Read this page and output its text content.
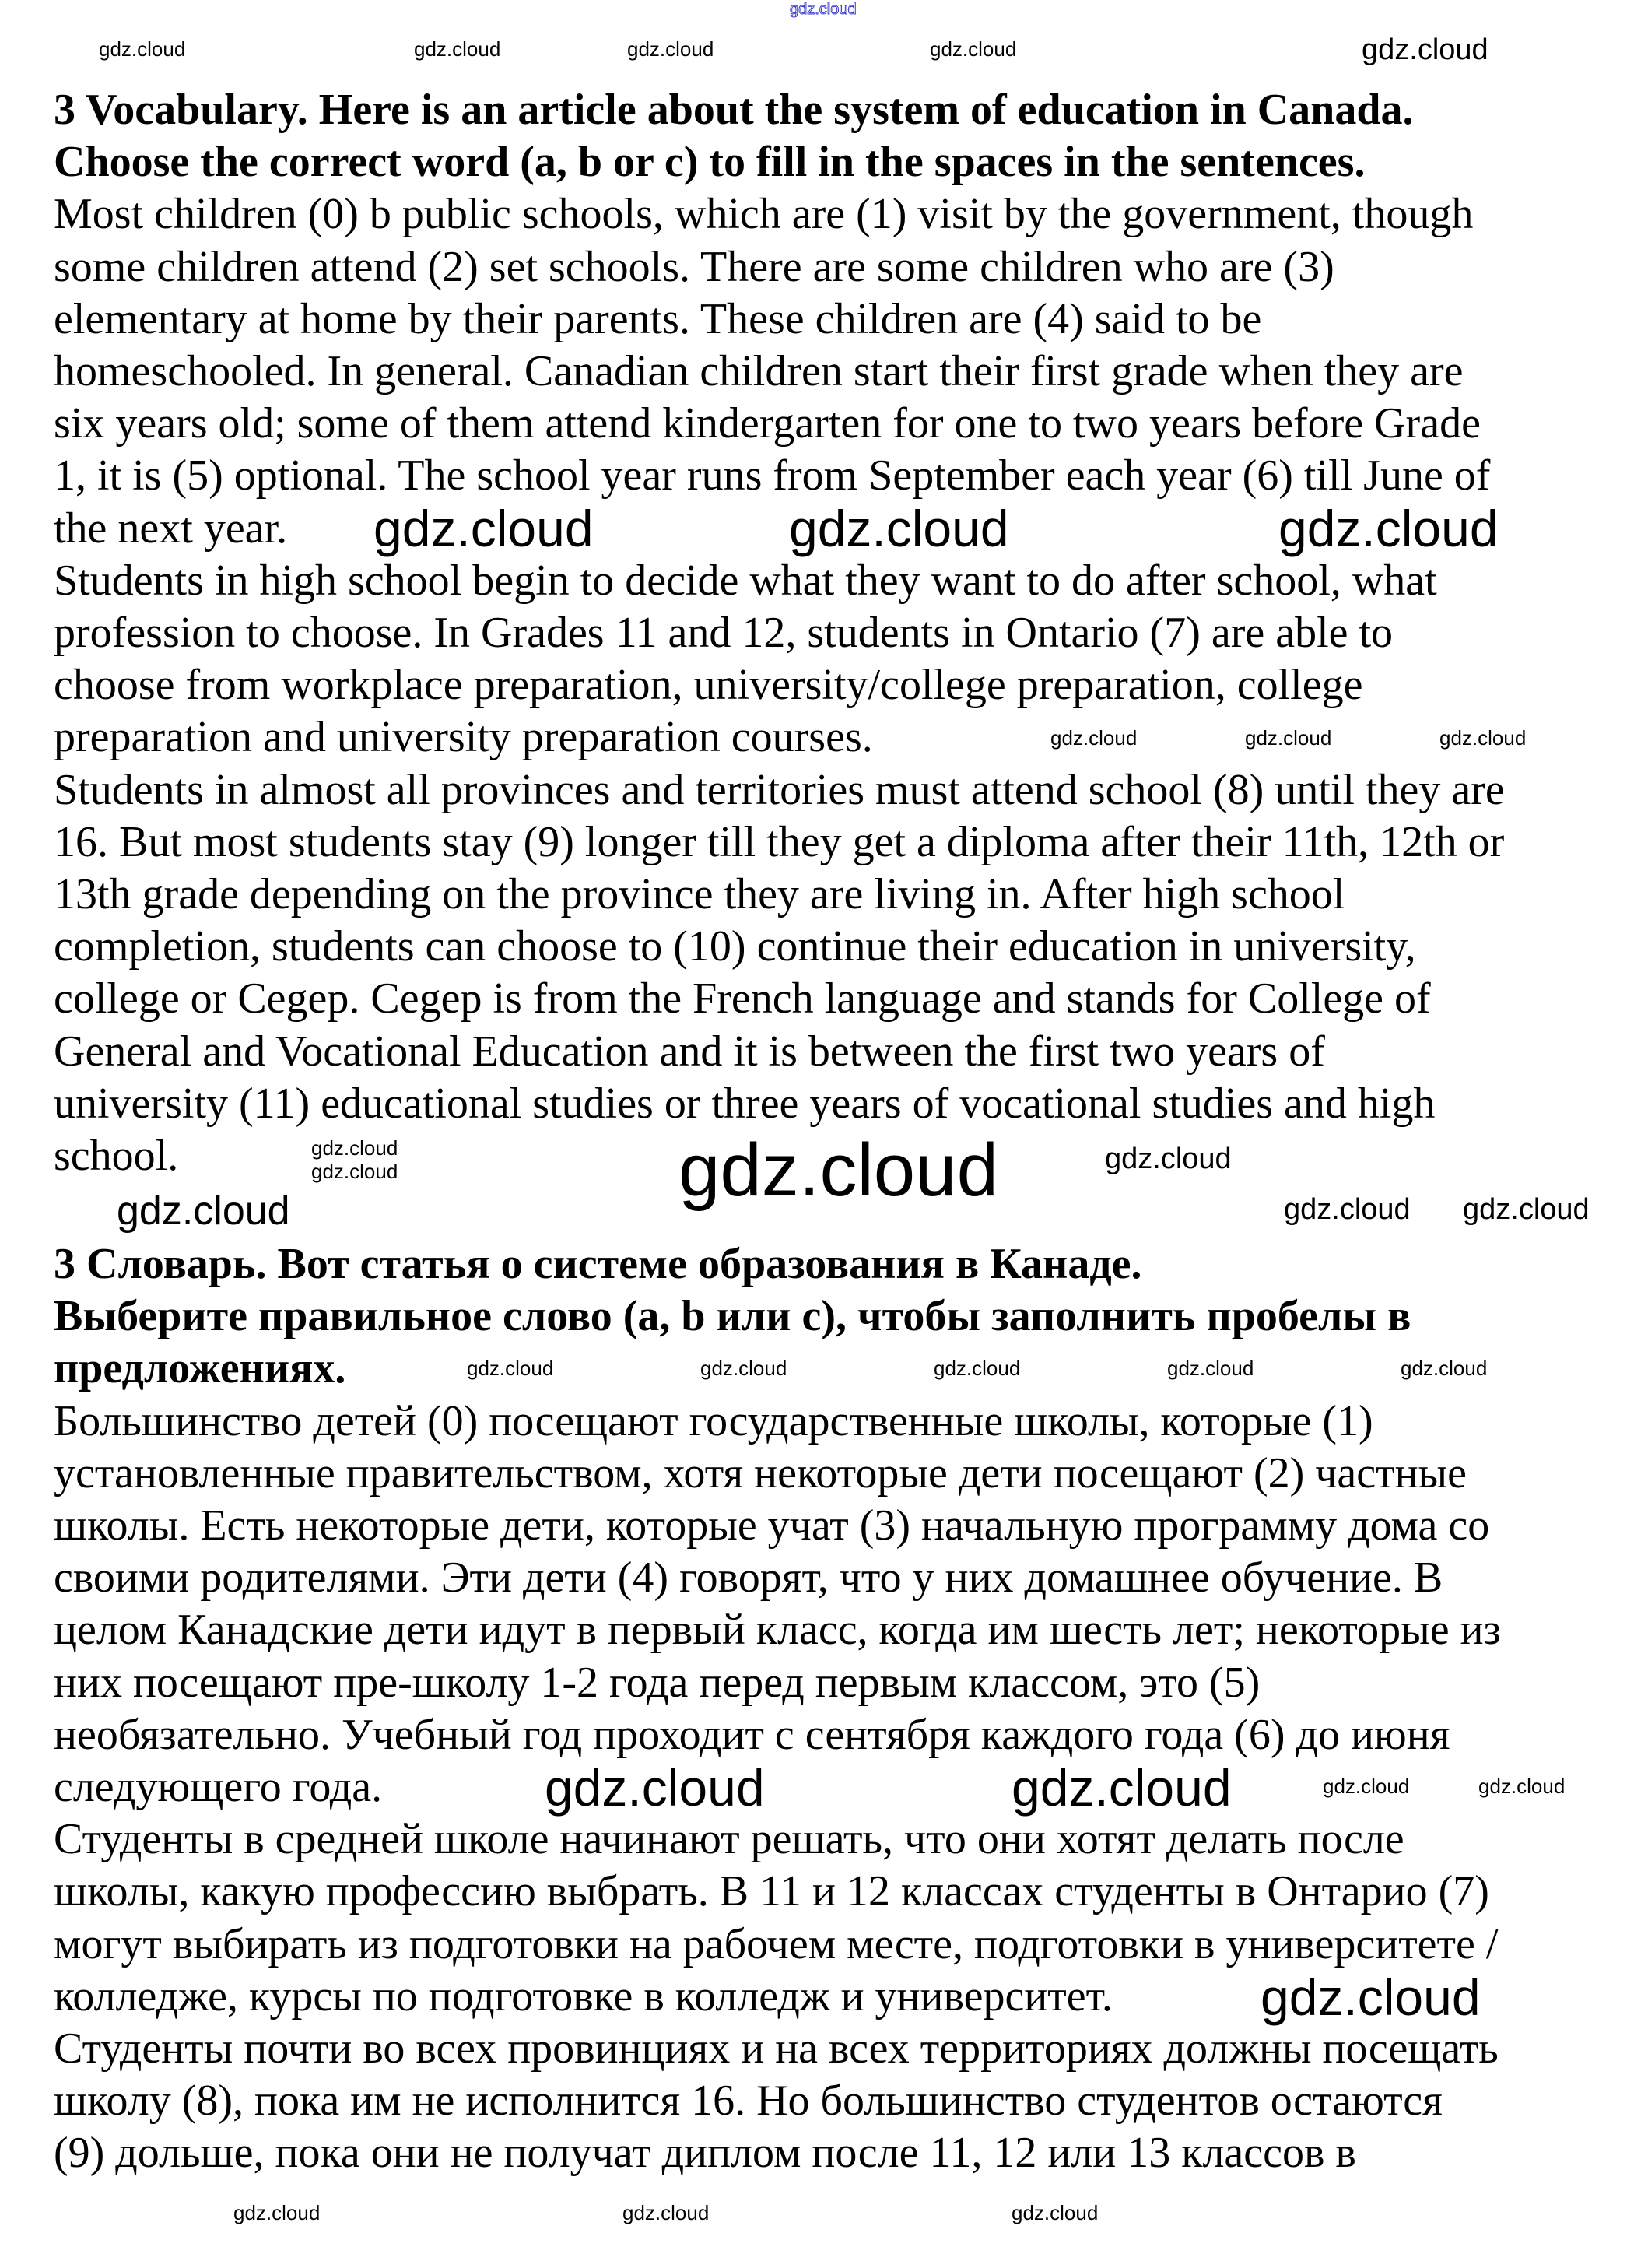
3 Vocabulary. Here is an article about the system of education in Canada.
Choose the correct word (a, b or c) to fill in the spaces in the sentences.
Most children (0) b public schools, which are (1) visit by the government, though
some children attend (2) set schools. There are some children who are (3)
elementary at home by their parents. These children are (4) said to be
homeschooled. In general. Canadian children start their first grade when they are
six years old; some of them attend kindergarten for one to two years before Grade
1, it is (5) optional. The school year runs from September each year (6) till June of
the next year.
Students in high school begin to decide what they want to do after school, what
profession to choose. In Grades 11 and 12, students in Ontario (7) are able to
choose from workplace preparation, university/college preparation, college
preparation and university preparation courses.
Students in almost all provinces and territories must attend school (8) until they are
16. But most students stay (9) longer till they get a diploma after their 11th, 12th or
13th grade depending on the province they are living in. After high school
completion, students can choose to (10) continue their education in university,
college or Cegep. Cegep is from the French language and stands for College of
General and Vocational Education and it is between the first two years of
university (11) educational studies or three years of vocational studies and high
school.
3 Словарь. Вот статья о системе образования в Канаде.
Выберите правильное слово (a, b или c), чтобы заполнить пробелы в
предложениях.
Большинство детей (0) посещают государственные школы, которые (1)
установленные правительством, хотя некоторые дети посещают (2) частные
школы. Есть некоторые дети, которые учат (3) начальную программу дома со
своими родителями. Эти дети (4) говорят, что у них домашнее обучение. В
целом Канадские дети идут в первый класс, когда им шесть лет; некоторые из
них посещают пре-школу 1-2 года перед первым классом, это (5)
необязательно. Учебный год проходит с сентября каждого года (6) до июня
следующего года.
Студенты в средней школе начинают решать, что они хотят делать после
школы, какую профессию выбрать. В 11 и 12 классах студенты в Онтарио (7)
могут выбирать из подготовки на рабочем месте, подготовки в университете /
колледже, курсы по подготовке в колледж и университет.
Студенты почти во всех провинциях и на всех территориях должны посещать
школу (8), пока им не исполнится 16. Но большинство студентов остаются
(9) дольше, пока они не получат диплом после 11, 12 или 13 классов в
gdz.cloud
gdz.cloud	gdz.cloud	gdz.cloud	gdz.cloud	gdz.cloud
gdz.cloud	gdz.cloud	gdz.cloud
gdz.cloud	gdz.cloud	gdz.cloud
gdz.cloud
gdz.cloud	gdz.cloud	gdz.cloud
gdz.cloud	gdz.cloud gdz.cloud
gdz.cloud	gdz.cloud	gdz.cloud	gdz.cloud	gdz.cloud
gdz.cloud	gdz.cloud	gdz.cloud	gdz.cloud
gdz.cloud
gdz.cloud	gdz.cloud	gdz.cloud
